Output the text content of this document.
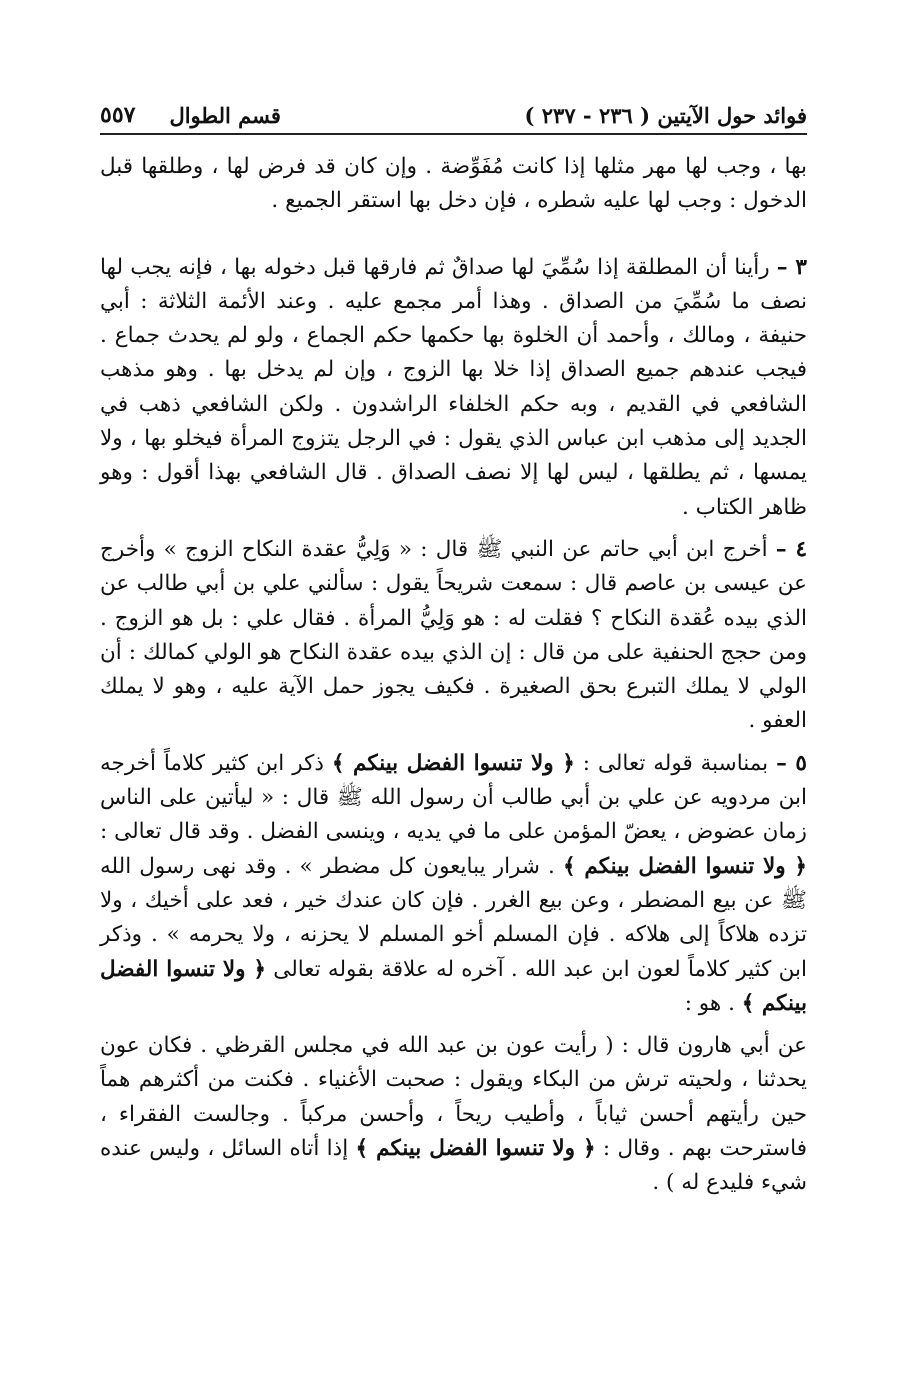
فوائد حول الآيتين ( ٢٣٦ - ٢٣٧ )
قسم الطوال
٥٥٧

بها ، وجب لها مهر مثلها إذا كانت مُفَوِّضة . وإن كان قد فرض لها ، وطلقها قبل الدخول : وجب لها عليه شطره ، فإن دخل بها استقر الجميع .

٣ – رأينا أن المطلقة إذا سُمِّيَ لها صداقٌ ثم فارقها قبل دخوله بها ، فإنه يجب لها نصف ما سُمِّيَ من الصداق . وهذا أمر مجمع عليه . وعند الأئمة الثلاثة : أبي حنيفة ، ومالك ، وأحمد أن الخلوة بها حكمها حكم الجماع ، ولو لم يحدث جماع . فيجب عندهم جميع الصداق إذا خلا بها الزوج ، وإن لم يدخل بها . وهو مذهب الشافعي في القديم ، وبه حكم الخلفاء الراشدون . ولكن الشافعي ذهب في الجديد إلى مذهب ابن عباس الذي يقول : في الرجل يتزوج المرأة فيخلو بها ، ولا يمسها ، ثم يطلقها ، ليس لها إلا نصف الصداق . قال الشافعي بهذا أقول : وهو ظاهر الكتاب .

٤ – أخرج ابن أبي حاتم عن النبي ﷺ قال : « وَلِيُّ عقدة النكاح الزوج » وأخرج عن عيسى بن عاصم قال : سمعت شريحاً يقول : سألني علي بن أبي طالب عن الذي بيده عُقدة النكاح ؟ فقلت له : هو وَلِيُّ المرأة . فقال علي : بل هو الزوج . ومن حجج الحنفية على من قال : إن الذي بيده عقدة النكاح هو الولي كمالك : أن الولي لا يملك التبرع بحق الصغيرة . فكيف يجوز حمل الآية عليه ، وهو لا يملك العفو .

٥ – بمناسبة قوله تعالى : ﴿ ولا تنسوا الفضل بينكم ﴾ ذكر ابن كثير كلاماً أخرجه ابن مردويه عن علي بن أبي طالب أن رسول الله ﷺ قال : « ليأتين على الناس زمان عضوض ، يعضّ المؤمن على ما في يديه ، وينسى الفضل . وقد قال تعالى : ﴿ ولا تنسوا الفضل بينكم ﴾ . شرار يبايعون كل مضطر » . وقد نهى رسول الله ﷺ عن بيع المضطر ، وعن بيع الغرر . فإن كان عندك خير ، فعد على أخيك ، ولا تزده هلاكاً إلى هلاكه . فإن المسلم أخو المسلم لا يحزنه ، ولا يحرمه » . وذكر ابن كثير كلاماً لعون ابن عبد الله . آخره له علاقة بقوله تعالى ﴿ ولا تنسوا الفضل بينكم ﴾ . هو :

عن أبي هارون قال : ( رأيت عون بن عبد الله في مجلس القرظي . فكان عون يحدثنا ، ولحيته ترش من البكاء ويقول : صحبت الأغنياء . فكنت من أكثرهم هماً حين رأيتهم أحسن ثياباً ، وأطيب ريحاً ، وأحسن مركباً . وجالست الفقراء ، فاسترحت بهم . وقال : ﴿ ولا تنسوا الفضل بينكم ﴾ إذا أتاه السائل ، وليس عنده شيء فليدع له ) .
